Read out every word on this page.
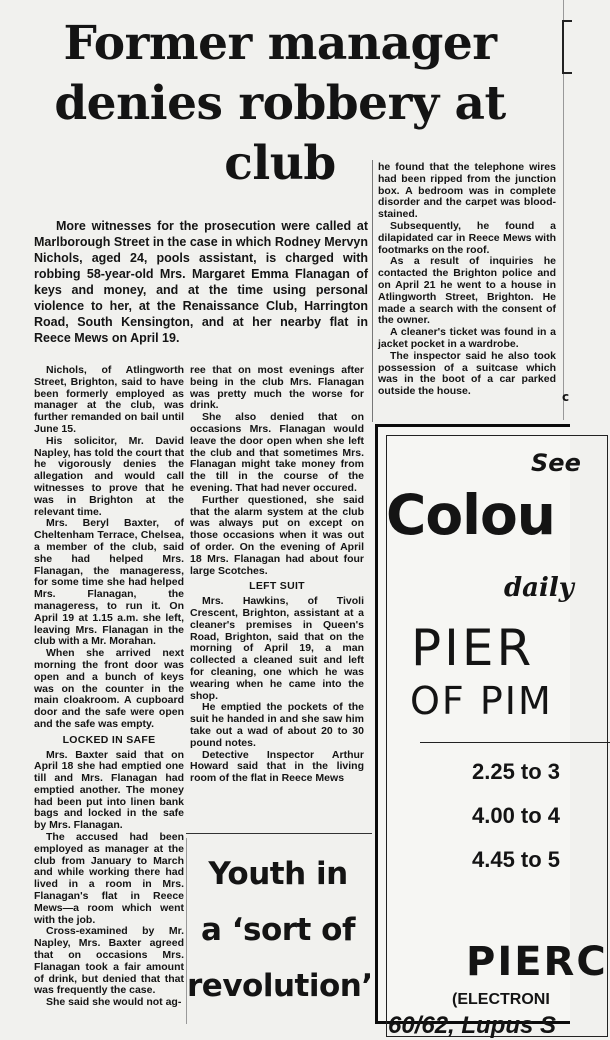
Former manager denies robbery at club

More witnesses for the prosecution were called at Marlborough Street in the case in which Rodney Mervyn Nichols, aged 24, pools assistant, is charged with robbing 58-year-old Mrs. Margaret Emma Flanagan of keys and money, and at the time using personal violence to her, at the Renaissance Club, Harrington Road, South Kensington, and at her nearby flat in Reece Mews on April 19.

Nichols, of Atlingworth Street, Brighton, said to have been formerly employed as manager at the club, was further remanded on bail until June 15.

His solicitor, Mr. David Napley, has told the court that he vigorously denies the allegation and would call witnesses to prove that he was in Brighton at the relevant time.

Mrs. Beryl Baxter, of Cheltenham Terrace, Chelsea, a member of the club, said she had helped Mrs. Flanagan, the manageress, for some time she had helped Mrs. Flanagan, the manageress, to run it. On April 19 at 1.15 a.m. she left, leaving Mrs. Flanagan in the club with a Mr. Morahan.

When she arrived next morning the front door was open and a bunch of keys was on the counter in the main cloakroom. A cupboard door and the safe were open and the safe was empty.

LOCKED IN SAFE

Mrs. Baxter said that on April 18 she had emptied one till and Mrs. Flanagan had emptied another. The money had been put into linen bank bags and locked in the safe by Mrs. Flanagan.

The accused had been employed as manager at the club from January to March and while working there had lived in a room in Mrs. Flanagan's flat in Reece Mews—a room which went with the job.

Cross-examined by Mr. Napley, Mrs. Baxter agreed that on occasions Mrs. Flanagan took a fair amount of drink, but denied that that was frequently the case.

She said she would not ag-

ree that on most evenings after being in the club Mrs. Flanagan was pretty much the worse for drink.

She also denied that on occasions Mrs. Flanagan would leave the door open when she left the club and that sometimes Mrs. Flanagan might take money from the till in the course of the evening. That had never occured.

Further questioned, she said that the alarm system at the club was always put on except on those occasions when it was out of order. On the evening of April 18 Mrs. Flanagan had about four large Scotches.

LEFT SUIT

Mrs. Hawkins, of Tivoli Crescent, Brighton, assistant at a cleaner's premises in Queen's Road, Brighton, said that on the morning of April 19, a man collected a cleaned suit and left for cleaning, one which he was wearing when he came into the shop.

He emptied the pockets of the suit he handed in and she saw him take out a wad of about 20 to 30 pound notes.

Detective Inspector Arthur Howard said that in the living room of the flat in Reece Mews

he found that the telephone wires had been ripped from the junction box. A bedroom was in complete disorder and the carpet was blood-stained.

Subsequently, he found a dilapidated car in Reece Mews with footmarks on the roof.

As a result of inquiries he contacted the Brighton police and on April 21 he went to a house in Atlingworth Street, Brighton. He made a search with the consent of the owner.

A cleaner's ticket was found in a jacket pocket in a wardrobe.

The inspector said he also took possession of a suitcase which was in the boot of a car parked outside the house.

Youth in
a ‘sort of
revolution’

See
Colou
daily
PIER
OF PIM
2.25 to 3
4.00 to 4
4.45 to 5
PIERC
(ELECTRONI
60/62, Lupus S
c
